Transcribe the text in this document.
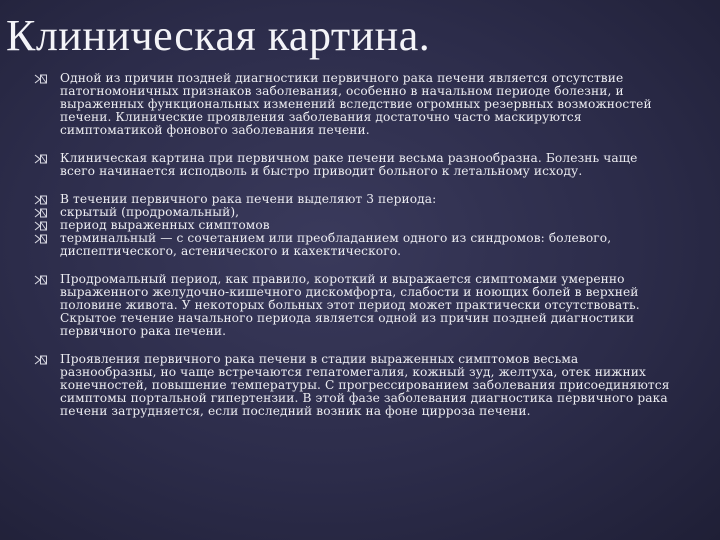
Клиническая картина.
Одной из причин поздней диагностики первичного рака печени является отсутствие патогномоничных признаков заболевания, особенно в начальном периоде болезни, и выраженных функциональных изменений вследствие огромных резервных возможностей печени. Клинические проявления заболевания достаточно часто маскируются симптоматикой фонового заболевания печени.
Клиническая картина при первичном раке печени весьма разнообразна. Болезнь чаще всего начинается исподволь и быстро приводит больного к летальному исходу.
В течении первичного рака печени выделяют 3 периода:
скрытый (продромальный),
период выраженных симптомов
терминальный — с сочетанием или преобладанием одного из синдромов: болевого, диспептического, астенического и кахектического.
Продромальный период, как правило, короткий и выражается симптомами умеренно выраженного желудочно-кишечного дискомфорта, слабости и ноющих болей в верхней половине живота. У некоторых больных этот период может практически отсутствовать. Скрытое течение начального периода является одной из причин поздней диагностики первичного рака печени.
Проявления первичного рака печени в стадии выраженных симптомов весьма разнообразны, но чаще встречаются гепатомегалия, кожный зуд, желтуха, отек нижних конечностей, повышение температуры. С прогрессированием заболевания присоединяются симптомы портальной гипертензии. В этой фазе заболевания диагностика первичного рака печени затрудняется, если последний возник на фоне цирроза печени.
